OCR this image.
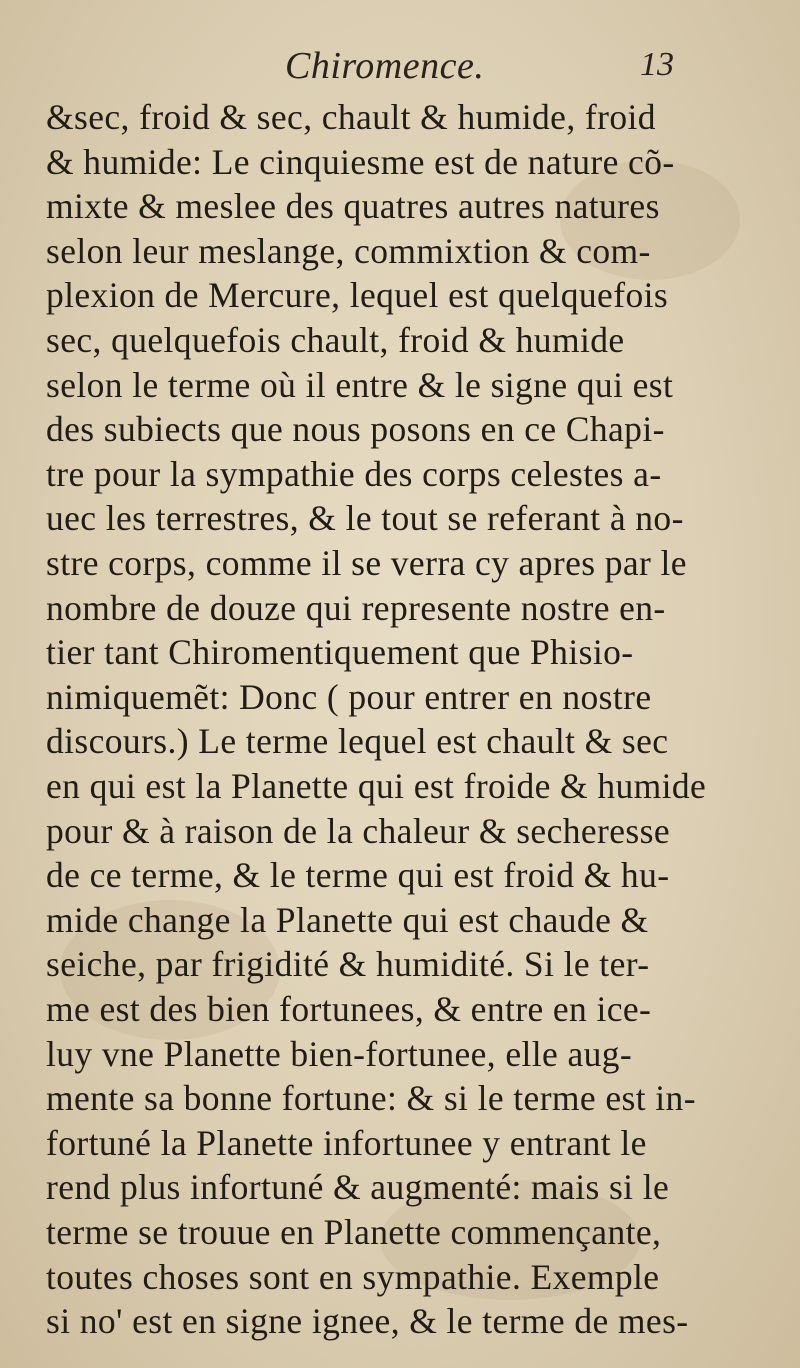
Chiromence.	13
&sec, froid & sec, chault & humide, froid
& humide: Le cinquiesme est de nature cõ-
mixte & meslee des quatres autres natures
selon leur meslange, commixtion & com-
plexion de Mercure, lequel est quelquefois
sec, quelquefois chault, froid & humide
selon le terme où il entre & le signe qui est
des subiects que nous posons en ce Chapi-
tre pour la sympathie des corps celestes a-
uec les terrestres, & le tout se referant à no-
stre corps, comme il se verra cy apres par le
nombre de douze qui represente nostre en-
tier tant Chiromentiquement que Phisio-
nimiquemẽt: Donc ( pour entrer en nostre
discours.) Le terme lequel est chault & sec
en qui est la Planette qui est froide & humide
pour & à raison de la chaleur & secheresse
de ce terme, & le terme qui est froid & hu-
mide change la Planette qui est chaude &
seiche, par frigidité & humidité. Si le ter-
me est des bien fortunees, & entre en ice-
luy vne Planette bien-fortunee, elle aug-
mente sa bonne fortune: & si le terme est in-
fortuné la Planette infortunee y entrant le
rend plus infortuné & augmenté: mais si le
terme se trouue en Planette commençante,
toutes choses sont en sympathie. Exemple
si no' est en signe ignee, & le terme de mes-
